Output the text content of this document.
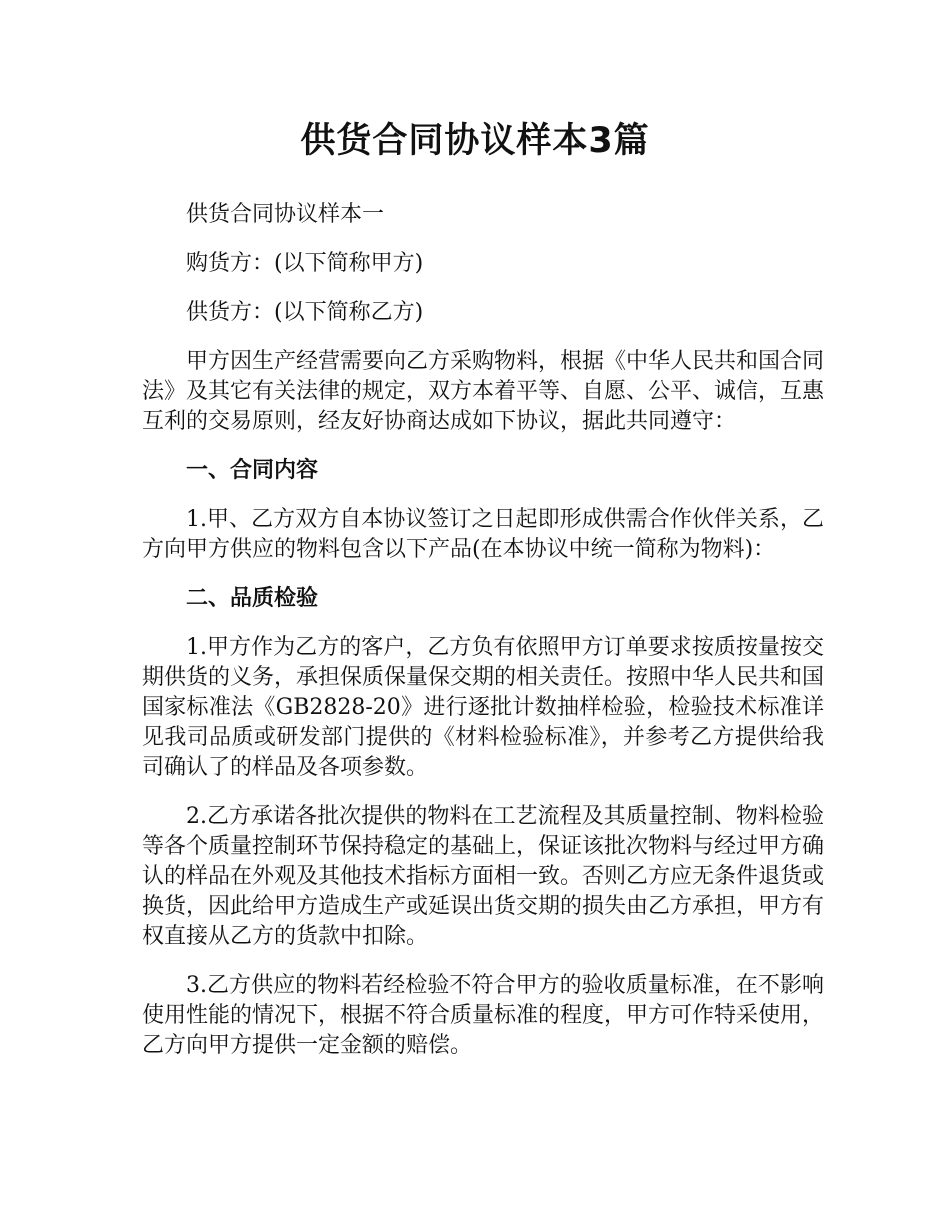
供货合同协议样本3篇

供货合同协议样本一

购货方：(以下简称甲方)

供货方：(以下简称乙方)

甲方因生产经营需要向乙方采购物料，根据《中华人民共和国合同法》及其它有关法律的规定，双方本着平等、自愿、公平、诚信，互惠互利的交易原则，经友好协商达成如下协议，据此共同遵守：

一、合同内容

1.甲、乙方双方自本协议签订之日起即形成供需合作伙伴关系，乙方向甲方供应的物料包含以下产品(在本协议中统一简称为物料)：

二、品质检验

1.甲方作为乙方的客户，乙方负有依照甲方订单要求按质按量按交期供货的义务，承担保质保量保交期的相关责任。按照中华人民共和国国家标准法《GB2828-20》进行逐批计数抽样检验，检验技术标准详见我司品质或研发部门提供的《材料检验标准》，并参考乙方提供给我司确认了的样品及各项参数。

2.乙方承诺各批次提供的物料在工艺流程及其质量控制、物料检验等各个质量控制环节保持稳定的基础上，保证该批次物料与经过甲方确认的样品在外观及其他技术指标方面相一致。否则乙方应无条件退货或换货，因此给甲方造成生产或延误出货交期的损失由乙方承担，甲方有权直接从乙方的货款中扣除。

3.乙方供应的物料若经检验不符合甲方的验收质量标准，在不影响使用性能的情况下，根据不符合质量标准的程度，甲方可作特采使用，乙方向甲方提供一定金额的赔偿。
